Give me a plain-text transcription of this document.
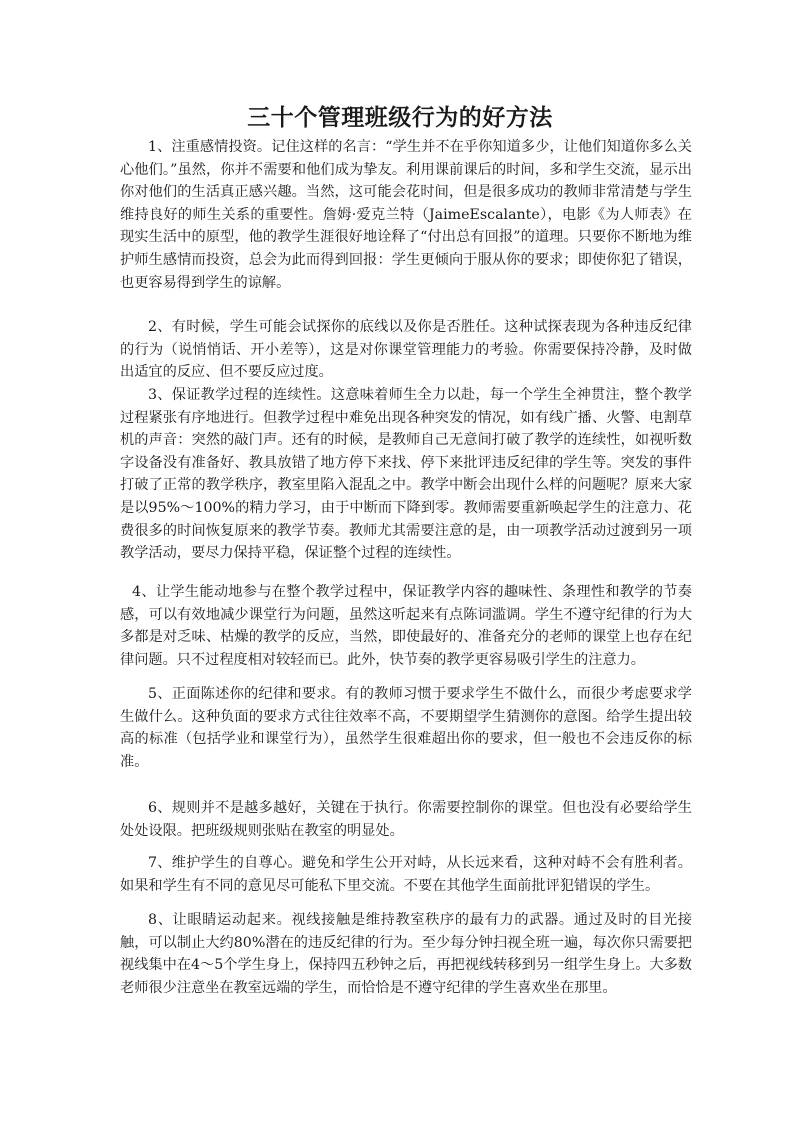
三十个管理班级行为的好方法

1、注重感情投资。记住这样的名言：“学生并不在乎你知道多少，让他们知道你多么关心他们。”虽然，你并不需要和他们成为挚友。利用课前课后的时间，多和学生交流，显示出你对他们的生活真正感兴趣。当然，这可能会花时间，但是很多成功的教师非常清楚与学生维持良好的师生关系的重要性。詹姆·爱克兰特（JaimeEscalante），电影《为人师表》在现实生活中的原型，他的教学生涯很好地诠释了“付出总有回报”的道理。只要你不断地为维护师生感情而投资，总会为此而得到回报：学生更倾向于服从你的要求；即使你犯了错误，也更容易得到学生的谅解。

2、有时候，学生可能会试探你的底线以及你是否胜任。这种试探表现为各种违反纪律的行为（说悄悄话、开小差等），这是对你课堂管理能力的考验。你需要保持冷静，及时做出适宜的反应、但不要反应过度。

3、保证教学过程的连续性。这意味着师生全力以赴，每一个学生全神贯注，整个教学过程紧张有序地进行。但教学过程中难免出现各种突发的情况，如有线广播、火警、电割草机的声音：突然的敲门声。还有的时候，是教师自己无意间打破了教学的连续性，如视听数字设备没有准备好、教具放错了地方停下来找、停下来批评违反纪律的学生等。突发的事件打破了正常的教学秩序，教室里陷入混乱之中。教学中断会出现什么样的问题呢？原来大家是以95%～100%的精力学习，由于中断而下降到零。教师需要重新唤起学生的注意力、花费很多的时间恢复原来的教学节奏。教师尤其需要注意的是，由一项教学活动过渡到另一项教学活动，要尽力保持平稳，保证整个过程的连续性。

4、让学生能动地参与在整个教学过程中，保证教学内容的趣味性、条理性和教学的节奏感，可以有效地减少课堂行为问题，虽然这听起来有点陈词滥调。学生不遵守纪律的行为大多都是对乏味、枯燥的教学的反应，当然，即使最好的、准备充分的老师的课堂上也存在纪律问题。只不过程度相对较轻而已。此外，快节奏的教学更容易吸引学生的注意力。

5、正面陈述你的纪律和要求。有的教师习惯于要求学生不做什么，而很少考虑要求学生做什么。这种负面的要求方式往往效率不高，不要期望学生猜测你的意图。给学生提出较高的标准（包括学业和课堂行为），虽然学生很难超出你的要求，但一般也不会违反你的标准。

6、规则并不是越多越好，关键在于执行。你需要控制你的课堂。但也没有必要给学生处处设限。把班级规则张贴在教室的明显处。

7、维护学生的自尊心。避免和学生公开对峙，从长远来看，这种对峙不会有胜利者。如果和学生有不同的意见尽可能私下里交流。不要在其他学生面前批评犯错误的学生。

8、让眼睛运动起来。视线接触是维持教室秩序的最有力的武器。通过及时的目光接触，可以制止大约80%潜在的违反纪律的行为。至少每分钟扫视全班一遍，每次你只需要把视线集中在4～5个学生身上，保持四五秒钟之后，再把视线转移到另一组学生身上。大多数老师很少注意坐在教室远端的学生，而恰恰是不遵守纪律的学生喜欢坐在那里。
